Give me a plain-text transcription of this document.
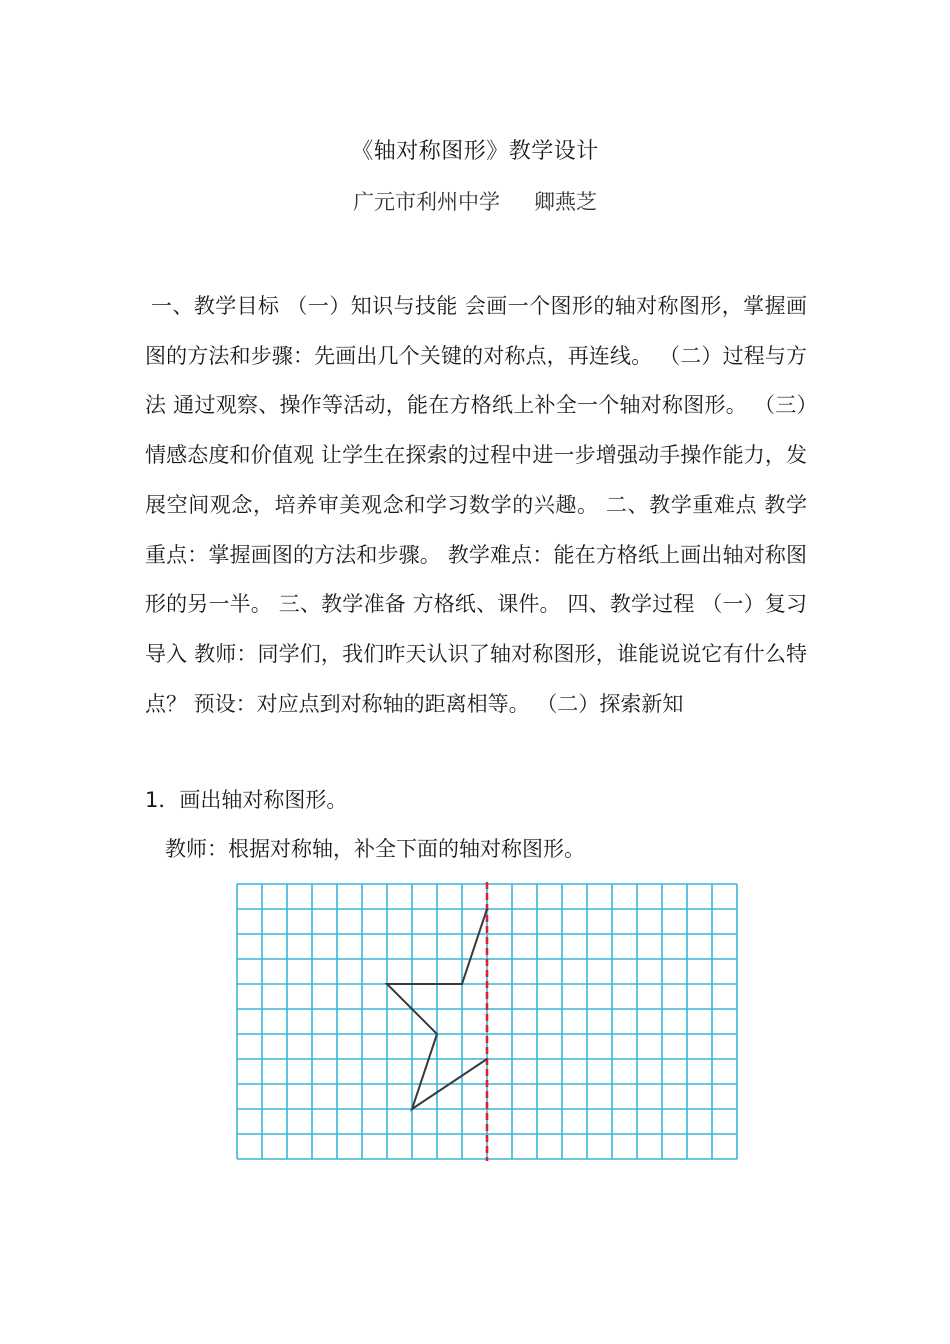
《轴对称图形》教学设计
广元市利州中学 卿燕芝

一、教学目标 （一）知识与技能 会画一个图形的轴对称图形，掌握画图的方法和步骤：先画出几个关键的对称点，再连线。 （二）过程与方法 通过观察、操作等活动，能在方格纸上补全一个轴对称图形。 （三）情感态度和价值观 让学生在探索的过程中进一步增强动手操作能力，发展空间观念，培养审美观念和学习数学的兴趣。 二、教学重难点 教学重点：掌握画图的方法和步骤。 教学难点：能在方格纸上画出轴对称图形的另一半。 三、教学准备 方格纸、课件。 四、教学过程 （一）复习导入 教师：同学们，我们昨天认识了轴对称图形，谁能说说它有什么特点？ 预设：对应点到对称轴的距离相等。 （二）探索新知

1．画出轴对称图形。

教师：根据对称轴，补全下面的轴对称图形。
